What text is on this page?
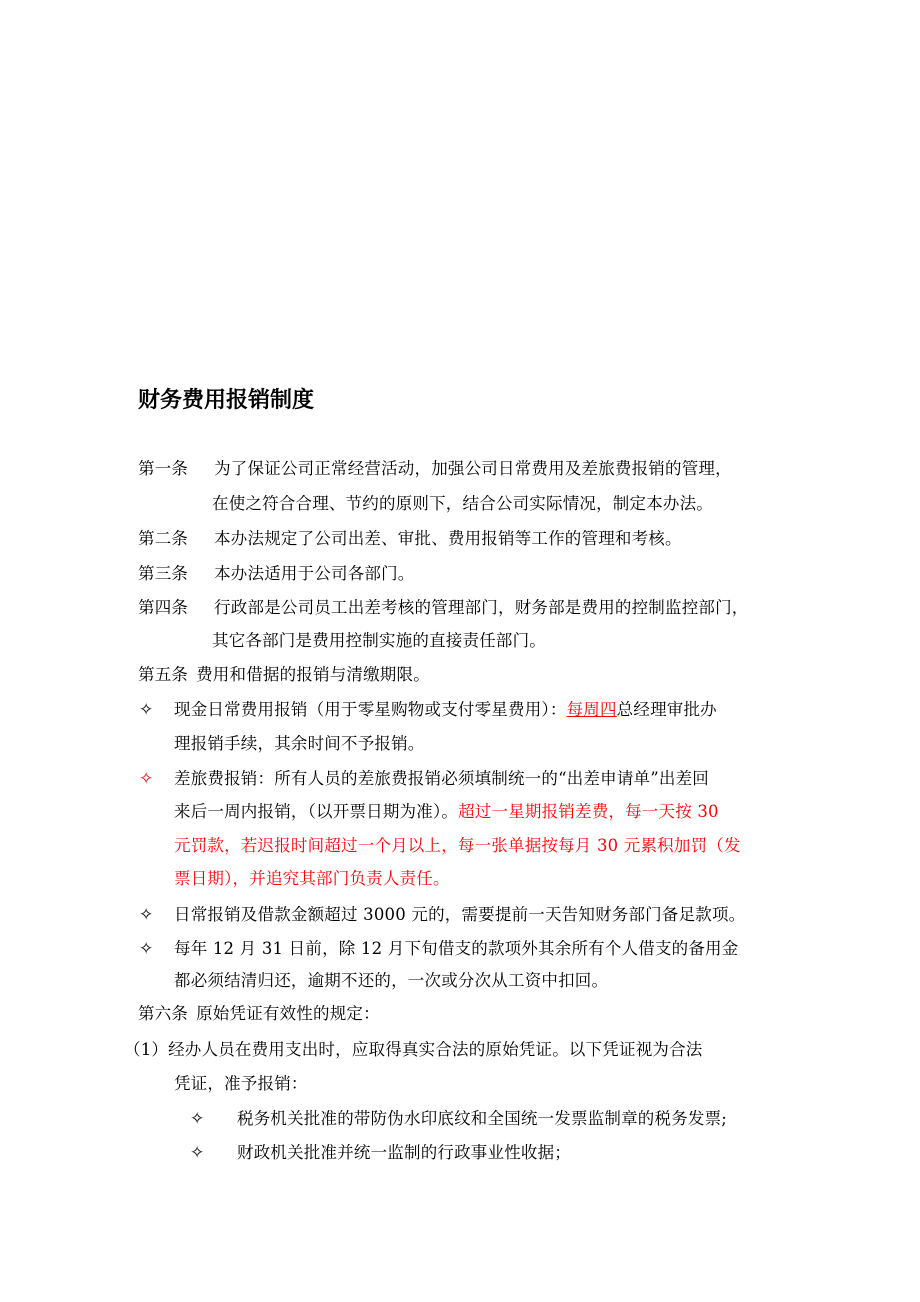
财务费用报销制度
第一条 为了保证公司正常经营活动，加强公司日常费用及差旅费报销的管理，
在使之符合合理、节约的原则下，结合公司实际情况，制定本办法。
第二条 本办法规定了公司出差、审批、费用报销等工作的管理和考核。
第三条 本办法适用于公司各部门。
第四条 行政部是公司员工出差考核的管理部门，财务部是费用的控制监控部门，
其它各部门是费用控制实施的直接责任部门。
第五条 费用和借据的报销与清缴期限。
✧ 现金日常费用报销（用于零星购物或支付零星费用）：每周四总经理审批办
理报销手续，其余时间不予报销。
✧ 差旅费报销：所有人员的差旅费报销必须填制统一的“出差申请单”出差回
来后一周内报销，（以开票日期为准）。超过一星期报销差费，每一天按 30
元罚款，若迟报时间超过一个月以上，每一张单据按每月 30 元累积加罚（发
票日期），并追究其部门负责人责任。
✧ 日常报销及借款金额超过 3000 元的，需要提前一天告知财务部门备足款项。
✧ 每年 12 月 31 日前，除 12 月下旬借支的款项外其余所有个人借支的备用金
都必须结清归还，逾期不还的，一次或分次从工资中扣回。
第六条 原始凭证有效性的规定：
（1）经办人员在费用支出时，应取得真实合法的原始凭证。以下凭证视为合法
凭证，准予报销：
✧ 税务机关批准的带防伪水印底纹和全国统一发票监制章的税务发票;
✧ 财政机关批准并统一监制的行政事业性收据；
